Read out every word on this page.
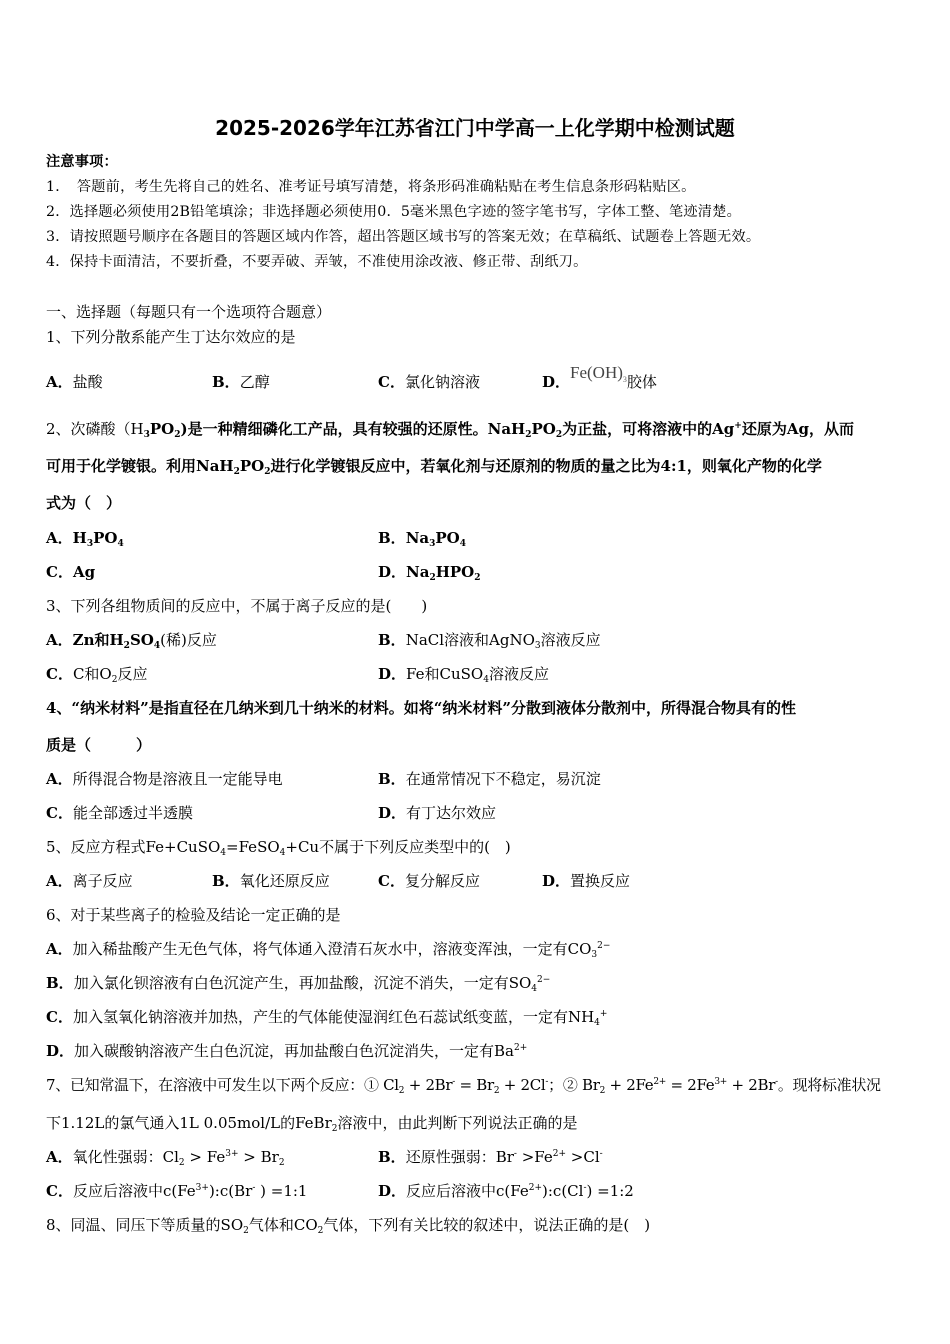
2025-2026学年江苏省江门中学高一上化学期中检测试题
注意事项：
1．　答题前，考生先将自己的姓名、准考证号填写清楚，将条形码准确粘贴在考生信息条形码粘贴区。
2．选择题必须使用2B铅笔填涂；非选择题必须使用0．5毫米黑色字迹的签字笔书写，字体工整、笔迹清楚。
3．请按照题号顺序在各题目的答题区域内作答，超出答题区域书写的答案无效；在草稿纸、试题卷上答题无效。
4．保持卡面清洁，不要折叠，不要弄破、弄皱，不准使用涂改液、修正带、刮纸刀。
一、选择题（每题只有一个选项符合题意）
1、下列分散系能产生丁达尔效应的是
A．盐酸	B．乙醇	C．氯化钠溶液	D．$Fe(OH)_3$胶体
2、次磷酸$(H_3PO_2)$是一种精细磷化工产品，具有较强的还原性。$NaH_2PO_2$为正盐，可将溶液中的Ag+还原为Ag，从而
可用于化学镀银。利用$NaH_2PO_2$进行化学镀银反应中，若氧化剂与还原剂的物质的量之比为4:1，则氧化产物的化学
式为（　）
A．$H_3PO_4$	B．$Na_3PO_4$
C．Ag	D．$Na_2HPO_2$
3、下列各组物质间的反应中，不属于离子反应的是(　　)
A．Zn和$H_2SO_4$(稀)反应	B．NaCl溶液和AgNO$_3$溶液反应
C．C和$O_2$反应	D．Fe和CuSO$_4$溶液反应
4、“纳米材料”是指直径在几纳米到几十纳米的材料。如将“纳米材料”分散到液体分散剂中，所得混合物具有的性
质是（　　　）
A．所得混合物是溶液且一定能导电	B．在通常情况下不稳定，易沉淀
C．能全部透过半透膜	D．有丁达尔效应
5、反应方程式Fe+CuSO$_4$=FeSO$_4$+Cu不属于下列反应类型中的(　)
A．离子反应	B．氧化还原反应	C．复分解反应	D．置换反应
6、对于某些离子的检验及结论一定正确的是
A．加入稀盐酸产生无色气体，将气体通入澄清石灰水中，溶液变浑浊，一定有$CO_3^{2-}$
B．加入氯化钡溶液有白色沉淀产生，再加盐酸，沉淀不消失，一定有$SO_4^{2-}$
C．加入氢氧化钠溶液并加热，产生的气体能使湿润红色石蕊试纸变蓝，一定有$NH_4^+$
D．加入碳酸钠溶液产生白色沉淀，再加盐酸白色沉淀消失，一定有$Ba^{2+}$
7、已知常温下，在溶液中可发生以下两个反应：① $Cl_2 + 2Br^- = Br_2 + 2Cl^-$；② $Br_2 + 2Fe^{2+} = 2Fe^{3+} + 2Br^-$。现将标准状况
下1.12L的氯气通入1L 0.05mol/L的FeBr$_2$溶液中，由此判断下列说法正确的是
A．氧化性强弱：$Cl_2 > Fe^{3+} > Br_2$	B．还原性强弱：$Br^- >Fe^{2+} >Cl^-$
C．反应后溶液中$c(Fe^{3+}):c(Br^-$ ) =1:1	D．反应后溶液中$c(Fe^{2+}):c(Cl^-)$ =1:2
8、同温、同压下等质量的$SO_2$气体和$CO_2$气体，下列有关比较的叙述中，说法正确的是(　)
